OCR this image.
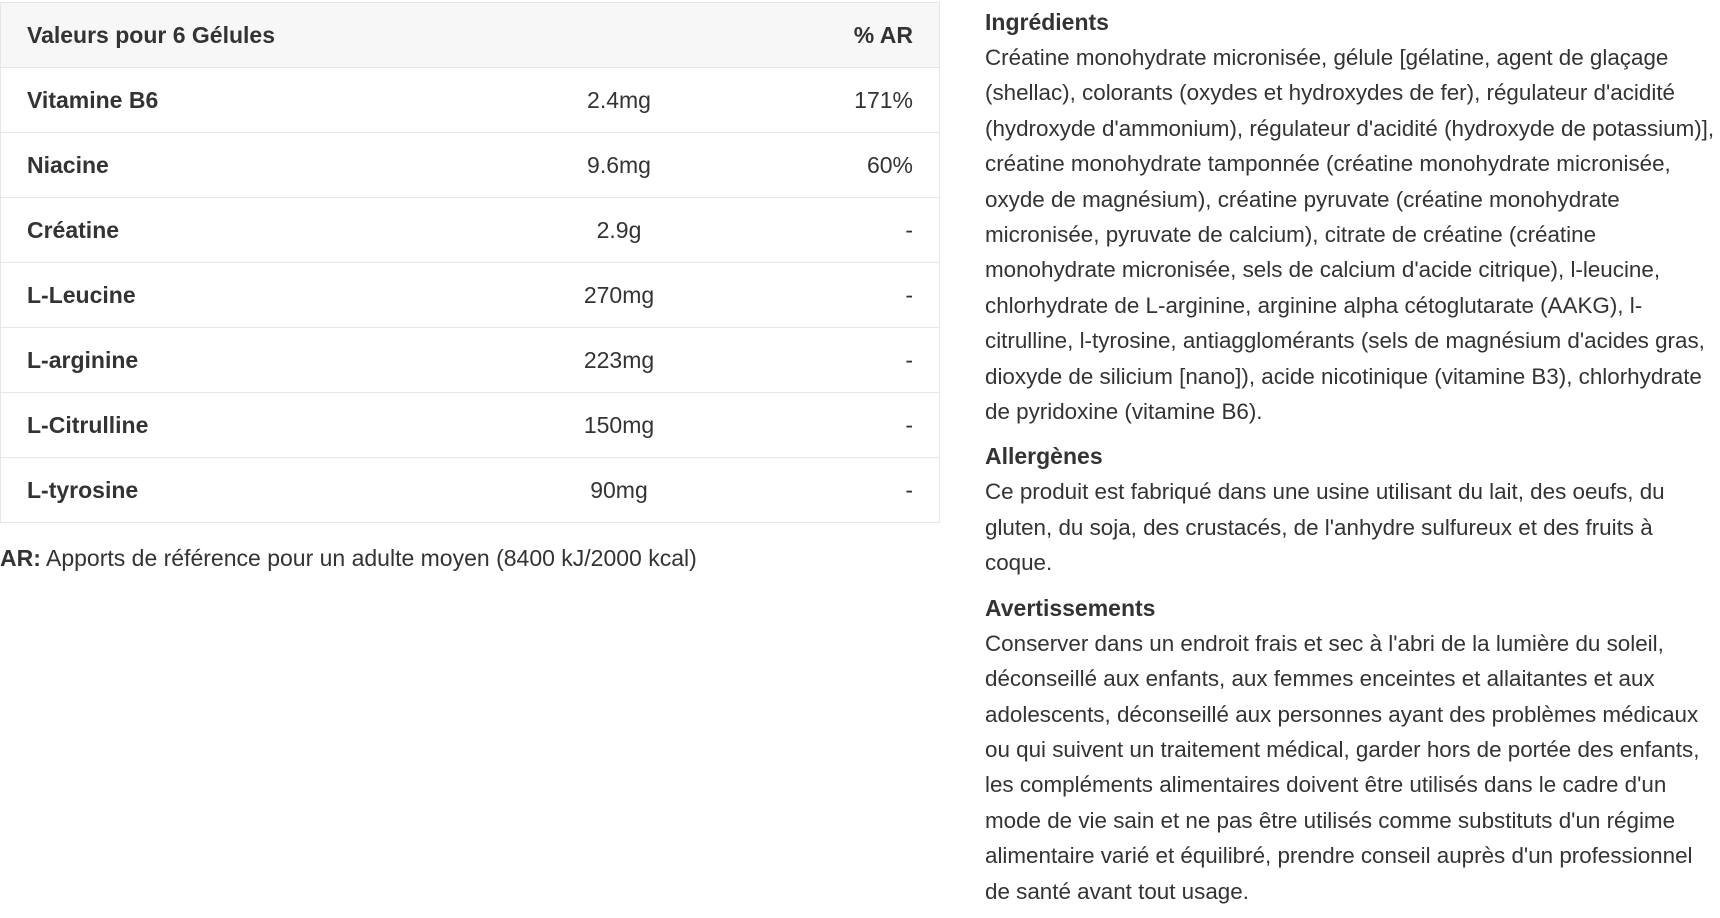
Valeurs pour 6 Gélules		% AR
Vitamine B6	2.4mg	171%
Niacine	9.6mg	60%
Créatine	2.9g	-
L-Leucine	270mg	-
L-arginine	223mg	-
L-Citrulline	150mg	-
L-tyrosine	90mg	-
AR: Apports de référence pour un adulte moyen (8400 kJ/2000 kcal)
Ingrédients

Créatine monohydrate micronisée, gélule [gélatine, agent de glaçage (shellac), colorants (oxydes et hydroxydes de fer), régulateur d'acidité (hydroxyde d'ammonium), régulateur d'acidité (hydroxyde de potassium)], créatine monohydrate tamponnée (créatine monohydrate micronisée, oxyde de magnésium), créatine pyruvate (créatine monohydrate micronisée, pyruvate de calcium), citrate de créatine (créatine monohydrate micronisée, sels de calcium d'acide citrique), l-leucine, chlorhydrate de L-arginine, arginine alpha cétoglutarate (AAKG), l-citrulline, l-tyrosine, antiagglomérants (sels de magnésium d'acides gras, dioxyde de silicium [nano]), acide nicotinique (vitamine B3), chlorhydrate de pyridoxine (vitamine B6).

Allergènes

Ce produit est fabriqué dans une usine utilisant du lait, des oeufs, du gluten, du soja, des crustacés, de l'anhydre sulfureux et des fruits à coque.

Avertissements

Conserver dans un endroit frais et sec à l'abri de la lumière du soleil, déconseillé aux enfants, aux femmes enceintes et allaitantes et aux adolescents, déconseillé aux personnes ayant des problèmes médicaux ou qui suivent un traitement médical, garder hors de portée des enfants, les compléments alimentaires doivent être utilisés dans le cadre d'un mode de vie sain et ne pas être utilisés comme substituts d'un régime alimentaire varié et équilibré, prendre conseil auprès d'un professionnel de santé avant tout usage.
